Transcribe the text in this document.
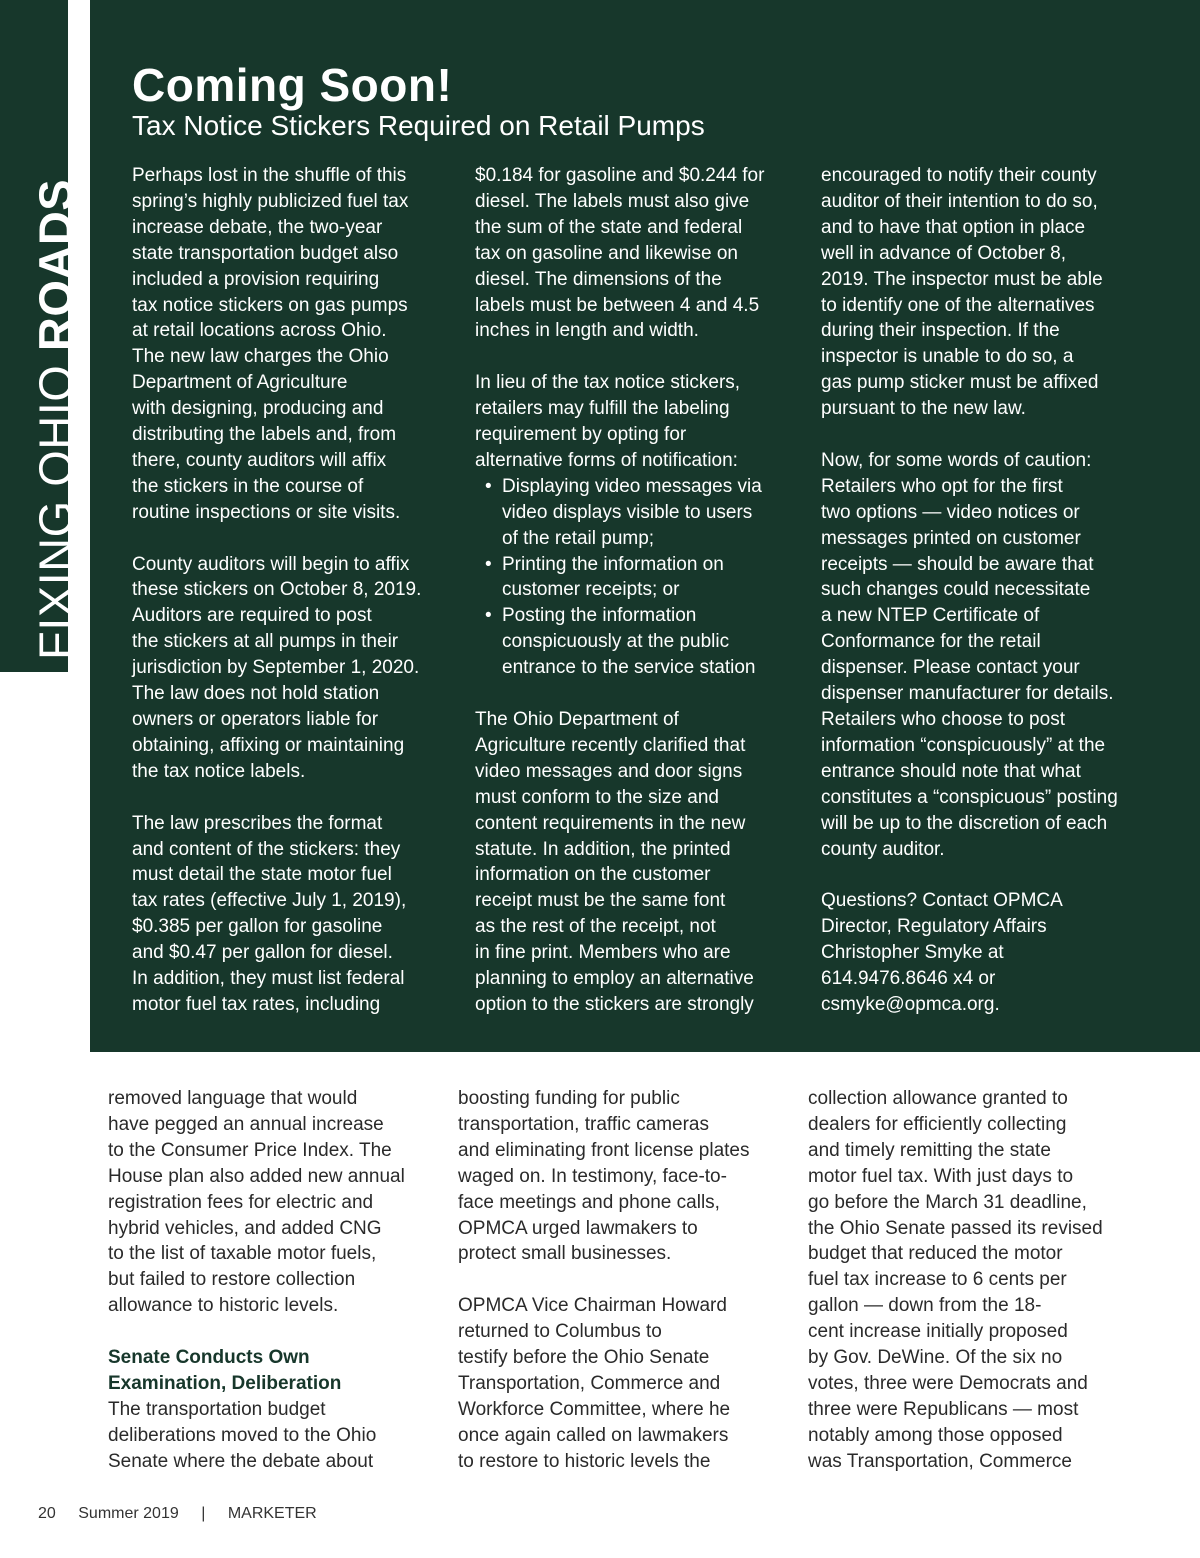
FIXING OHIO ROADS
Coming Soon!
Tax Notice Stickers Required on Retail Pumps

Perhaps lost in the shuffle of this
spring’s highly publicized fuel tax
increase debate, the two-year
state transportation budget also
included a provision requiring
tax notice stickers on gas pumps
at retail locations across Ohio.
The new law charges the Ohio
Department of Agriculture
with designing, producing and
distributing the labels and, from
there, county auditors will affix
the stickers in the course of
routine inspections or site visits.

County auditors will begin to affix
these stickers on October 8, 2019.
Auditors are required to post
the stickers at all pumps in their
jurisdiction by September 1, 2020.
The law does not hold station
owners or operators liable for
obtaining, affixing or maintaining
the tax notice labels.

The law prescribes the format
and content of the stickers: they
must detail the state motor fuel
tax rates (effective July 1, 2019),
$0.385 per gallon for gasoline
and $0.47 per gallon for diesel.
In addition, they must list federal
motor fuel tax rates, including

$0.184 for gasoline and $0.244 for
diesel. The labels must also give
the sum of the state and federal
tax on gasoline and likewise on
diesel. The dimensions of the
labels must be between 4 and 4.5
inches in length and width.

In lieu of the tax notice stickers,
retailers may fulfill the labeling
requirement by opting for
alternative forms of notification:

• Displaying video messages via
video displays visible to users
of the retail pump;
• Printing the information on
customer receipts; or
• Posting the information
conspicuously at the public
entrance to the service station

The Ohio Department of
Agriculture recently clarified that
video messages and door signs
must conform to the size and
content requirements in the new
statute. In addition, the printed
information on the customer
receipt must be the same font
as the rest of the receipt, not
in fine print. Members who are
planning to employ an alternative
option to the stickers are strongly

encouraged to notify their county
auditor of their intention to do so,
and to have that option in place
well in advance of October 8,
2019. The inspector must be able
to identify one of the alternatives
during their inspection. If the
inspector is unable to do so, a
gas pump sticker must be affixed
pursuant to the new law.

Now, for some words of caution:
Retailers who opt for the first
two options — video notices or
messages printed on customer
receipts — should be aware that
such changes could necessitate
a new NTEP Certificate of
Conformance for the retail
dispenser. Please contact your
dispenser manufacturer for details.
Retailers who choose to post
information “conspicuously” at the
entrance should note that what
constitutes a “conspicuous” posting
will be up to the discretion of each
county auditor.

Questions? Contact OPMCA
Director, Regulatory Affairs
Christopher Smyke at
614.9476.8646 x4 or
csmyke@opmca.org.

removed language that would
have pegged an annual increase
to the Consumer Price Index. The
House plan also added new annual
registration fees for electric and
hybrid vehicles, and added CNG
to the list of taxable motor fuels,
but failed to restore collection
allowance to historic levels.

Senate Conducts Own
Examination, Deliberation

The transportation budget
deliberations moved to the Ohio
Senate where the debate about

boosting funding for public
transportation, traffic cameras
and eliminating front license plates
waged on. In testimony, face-to-
face meetings and phone calls,
OPMCA urged lawmakers to
protect small businesses.

OPMCA Vice Chairman Howard
returned to Columbus to
testify before the Ohio Senate
Transportation, Commerce and
Workforce Committee, where he
once again called on lawmakers
to restore to historic levels the

collection allowance granted to
dealers for efficiently collecting
and timely remitting the state
motor fuel tax. With just days to
go before the March 31 deadline,
the Ohio Senate passed its revised
budget that reduced the motor
fuel tax increase to 6 cents per
gallon — down from the 18-
cent increase initially proposed
by Gov. DeWine. Of the six no
votes, three were Democrats and
three were Republicans — most
notably among those opposed
was Transportation, Commerce

20 Summer 2019 | MARKETER
